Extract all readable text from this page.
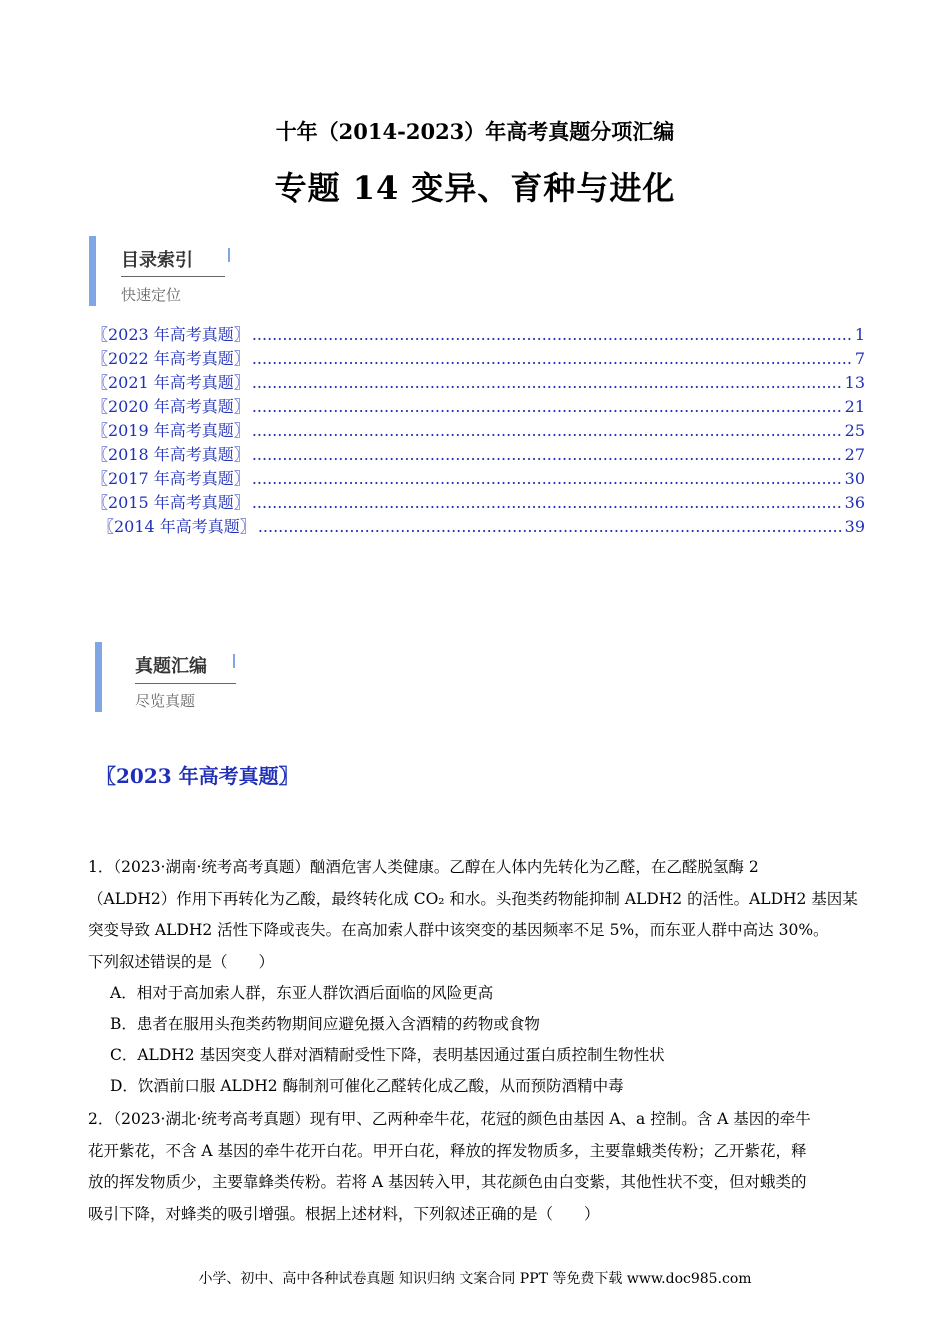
十年（2014-2023）年高考真题分项汇编
专题 14 变异、育种与进化
目录索引
快速定位
〖2023 年高考真题〗 .....	1
〖2022 年高考真题〗 .....	7
〖2021 年高考真题〗 .....	13
〖2020 年高考真题〗 .....	21
〖2019 年高考真题〗 .....	25
〖2018 年高考真题〗 .....	27
〖2017 年高考真题〗 .....	30
〖2015 年高考真题〗 .....	36
〖2014 年高考真题〗 .....	39
真题汇编
尽览真题
〖2023 年高考真题〗
1．（2023·湖南·统考高考真题）酗酒危害人类健康。乙醇在人体内先转化为乙醛，在乙醛脱氢酶 2
（ALDH2）作用下再转化为乙酸，最终转化成 CO₂ 和水。头孢类药物能抑制 ALDH2 的活性。ALDH2 基因某
突变导致 ALDH2 活性下降或丧失。在高加索人群中该突变的基因频率不足 5%，而东亚人群中高达 30%。
下列叙述错误的是（　　）
A．相对于高加索人群，东亚人群饮酒后面临的风险更高
B．患者在服用头孢类药物期间应避免摄入含酒精的药物或食物
C．ALDH2 基因突变人群对酒精耐受性下降，表明基因通过蛋白质控制生物性状
D．饮酒前口服 ALDH2 酶制剂可催化乙醛转化成乙酸，从而预防酒精中毒
2．（2023·湖北·统考高考真题）现有甲、乙两种牵牛花，花冠的颜色由基因 A、a 控制。含 A 基因的牵牛
花开紫花，不含 A 基因的牵牛花开白花。甲开白花，释放的挥发物质多，主要靠蛾类传粉；乙开紫花，释
放的挥发物质少，主要靠蜂类传粉。若将 A 基因转入甲，其花颜色由白变紫，其他性状不变，但对蛾类的
吸引下降，对蜂类的吸引增强。根据上述材料，下列叙述正确的是（　　）
小学、初中、高中各种试卷真题 知识归纳 文案合同 PPT 等免费下载 www.doc985.com
